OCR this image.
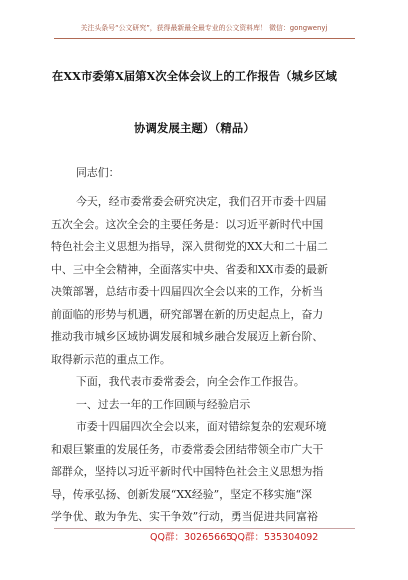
关注头条号“公文研究”，获得最新最全最专业的公文资料库！ 微信：gongwenyj
在XX市委第X届第X次全体会议上的工作报告（城乡区域
协调发展主题）（精品）
同志们：
今天，经市委常委会研究决定，我们召开市委十四届
五次全会。这次全会的主要任务是：以习近平新时代中国
特色社会主义思想为指导，深入贯彻党的XX大和二十届二
中、三中全会精神，全面落实中央、省委和XX市委的最新
决策部署，总结市委十四届四次全会以来的工作，分析当
前面临的形势与机遇，研究部署在新的历史起点上，奋力
推动我市城乡区域协调发展和城乡融合发展迈上新台阶、
取得新示范的重点工作。
下面，我代表市委常委会，向全会作工作报告。
一、过去一年的工作回顾与经验启示
市委十四届四次全会以来，面对错综复杂的宏观环境
和艰巨繁重的发展任务，市委常委会团结带领全市广大干
部群众，坚持以习近平新时代中国特色社会主义思想为指
导，传承弘扬、创新发展“XX经验”，坚定不移实施“深
学争优、敢为争先、实干争效”行动，勇当促进共同富裕
QQ群：30265665
QQ群：535304092
